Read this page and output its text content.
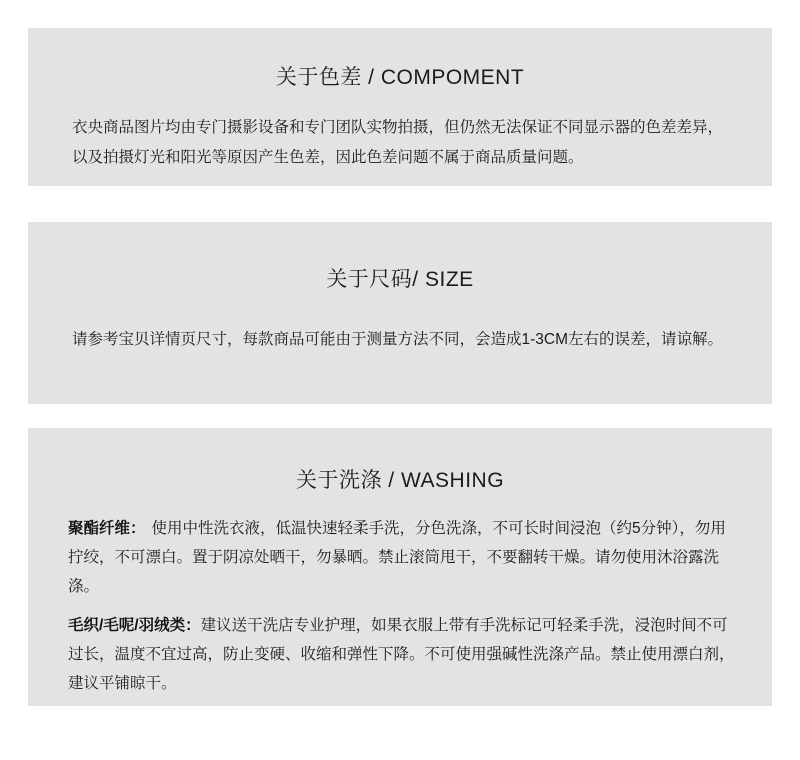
关于色差 / COMPOMENT
衣央商品图片均由专门摄影设备和专门团队实物拍摄，但仍然无法保证不同显示器的色差差异，以及拍摄灯光和阳光等原因产生色差，因此色差问题不属于商品质量问题。
关于尺码/ SIZE
请参考宝贝详情页尺寸，每款商品可能由于测量方法不同，会造成1-3CM左右的误差，请谅解。
关于洗涤 / WASHING
聚酯纤维： 使用中性洗衣液，低温快速轻柔手洗，分色洗涤，不可长时间浸泡（约5分钟），勿用拧绞，不可漂白。置于阴凉处晒干，勿暴晒。禁止滚筒甩干，不要翻转干燥。请勿使用沐浴露洗涤。
毛织/毛呢/羽绒类：建议送干洗店专业护理，如果衣服上带有手洗标记可轻柔手洗，浸泡时间不可过长，温度不宜过高，防止变硬、收缩和弹性下降。不可使用强碱性洗涤产品。禁止使用漂白剂，建议平铺晾干。
